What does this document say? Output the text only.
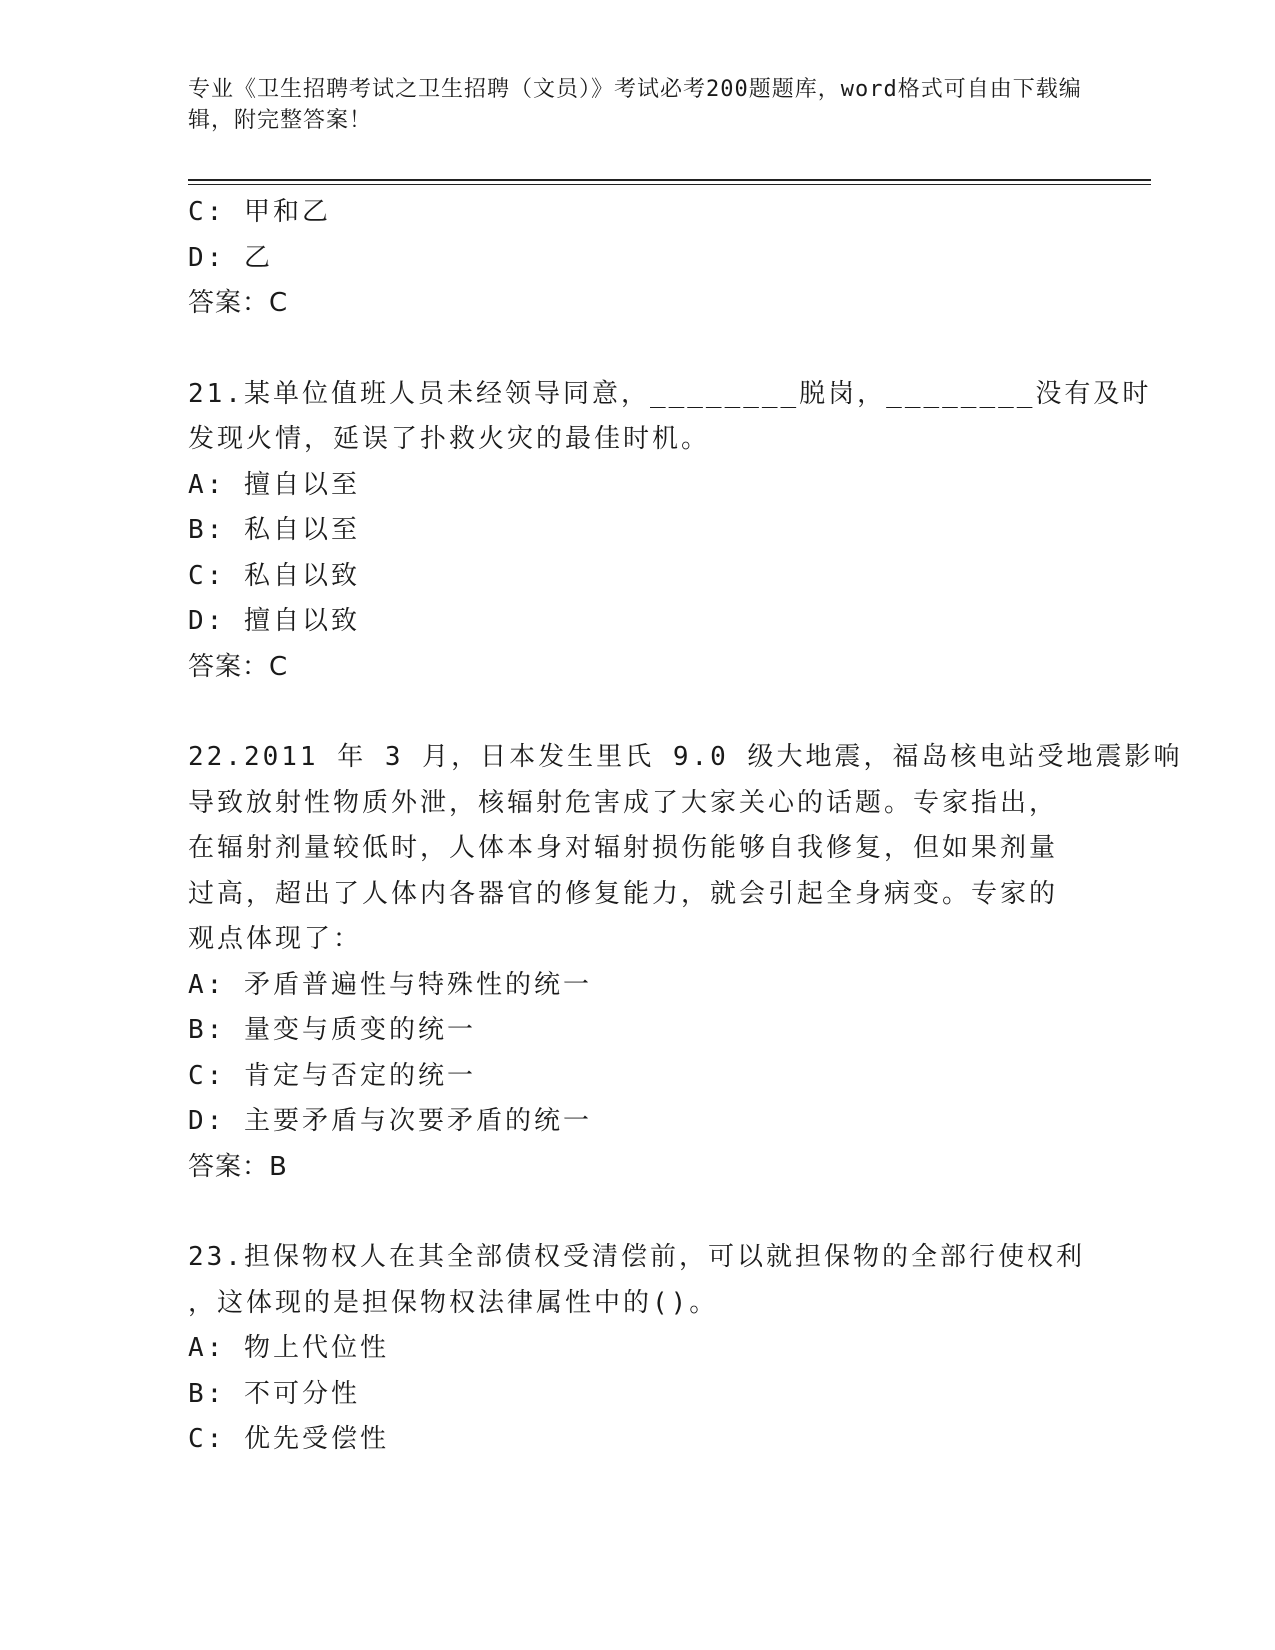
专业《卫生招聘考试之卫生招聘（文员）》考试必考200题题库，word格式可自由下载编辑，附完整答案！
C: 甲和乙
D: 乙
答案：C
21.某单位值班人员未经领导同意，________脱岗，________没有及时
发现火情，延误了扑救火灾的最佳时机。
A: 擅自以至
B: 私自以至
C: 私自以致
D: 擅自以致
答案：C
22.2011 年 3 月，日本发生里氏 9.0 级大地震，福岛核电站受地震影响
导致放射性物质外泄，核辐射危害成了大家关心的话题。专家指出，
在辐射剂量较低时，人体本身对辐射损伤能够自我修复，但如果剂量
过高，超出了人体内各器官的修复能力，就会引起全身病变。专家的
观点体现了：
A: 矛盾普遍性与特殊性的统一
B: 量变与质变的统一
C: 肯定与否定的统一
D: 主要矛盾与次要矛盾的统一
答案：B
23.担保物权人在其全部债权受清偿前，可以就担保物的全部行使权利
，这体现的是担保物权法律属性中的()。
A: 物上代位性
B: 不可分性
C: 优先受偿性
